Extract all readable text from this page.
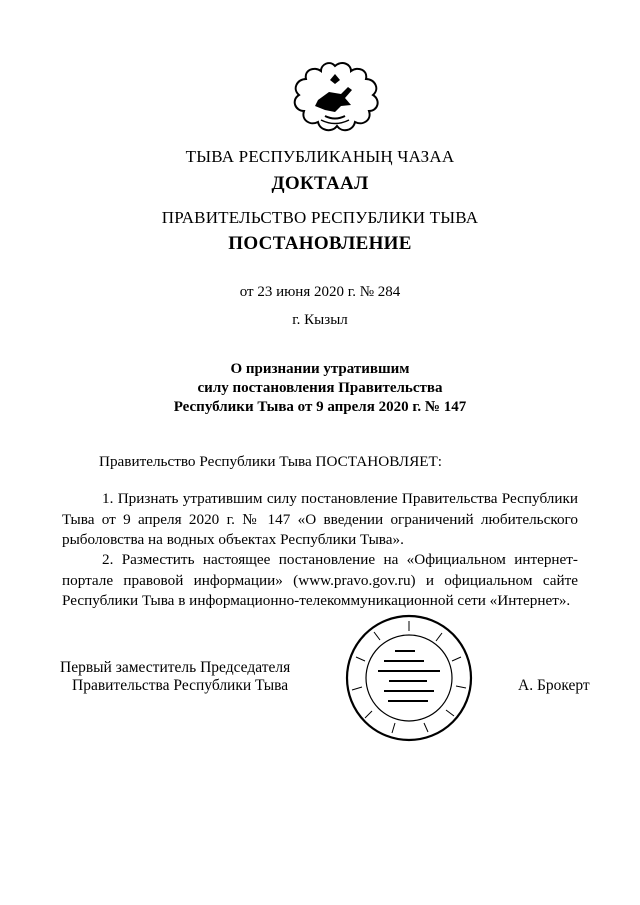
ТЫВА РЕСПУБЛИКАНЫҢ ЧАЗАА
ДОКТААЛ
ПРАВИТЕЛЬСТВО РЕСПУБЛИКИ ТЫВА
ПОСТАНОВЛЕНИЕ
от 23 июня 2020 г. № 284
г. Кызыл
О признании утратившим
силу постановления Правительства
Республики Тыва от 9 апреля 2020 г. № 147
Правительство Республики Тыва ПОСТАНОВЛЯЕТ:
1. Признать утратившим силу постановление Правительства Республики Тыва от 9 апреля 2020 г. № 147 «О введении ограничений любительского рыболовства на водных объектах Республики Тыва».
2. Разместить настоящее постановление на «Официальном интернет-портале правовой информации» (www.pravo.gov.ru) и официальном сайте Республики Тыва в информационно-телекоммуникационной сети «Интернет».
Первый заместитель Председателя
Правительства Республики Тыва	А. Брокерт
